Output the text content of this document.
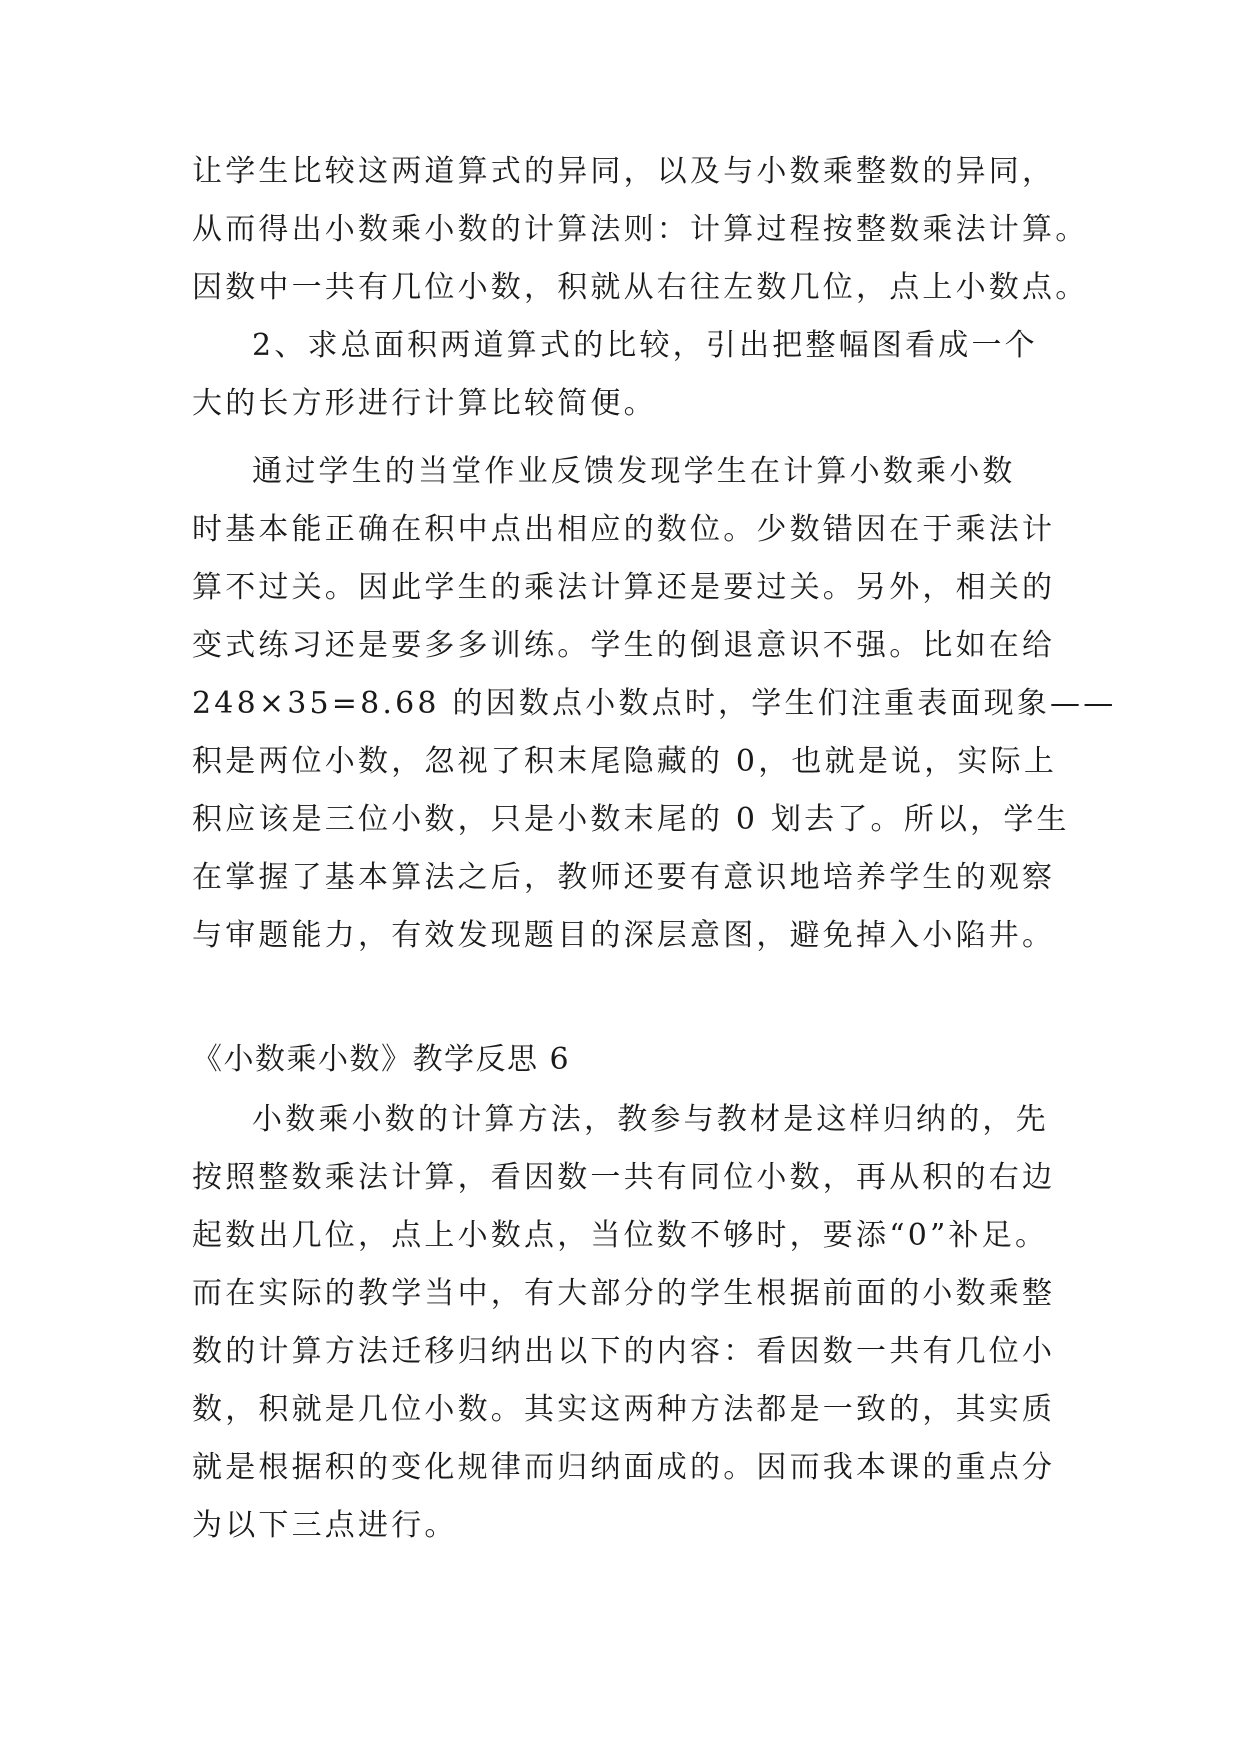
让学生比较这两道算式的异同，以及与小数乘整数的异同，
从而得出小数乘小数的计算法则：计算过程按整数乘法计算。
因数中一共有几位小数，积就从右往左数几位，点上小数点。
2、求总面积两道算式的比较，引出把整幅图看成一个
大的长方形进行计算比较简便。
通过学生的当堂作业反馈发现学生在计算小数乘小数
时基本能正确在积中点出相应的数位。少数错因在于乘法计
算不过关。因此学生的乘法计算还是要过关。另外，相关的
变式练习还是要多多训练。学生的倒退意识不强。比如在给
248×35=8.68 的因数点小数点时，学生们注重表面现象——
积是两位小数，忽视了积末尾隐藏的 0，也就是说，实际上
积应该是三位小数，只是小数末尾的 0 划去了。所以，学生
在掌握了基本算法之后，教师还要有意识地培养学生的观察
与审题能力，有效发现题目的深层意图，避免掉入小陷井。
《小数乘小数》教学反思 6
小数乘小数的计算方法，教参与教材是这样归纳的，先
按照整数乘法计算，看因数一共有同位小数，再从积的右边
起数出几位，点上小数点，当位数不够时，要添“0”补足。
而在实际的教学当中，有大部分的学生根据前面的小数乘整
数的计算方法迁移归纳出以下的内容：看因数一共有几位小
数，积就是几位小数。其实这两种方法都是一致的，其实质
就是根据积的变化规律而归纳面成的。因而我本课的重点分
为以下三点进行。
